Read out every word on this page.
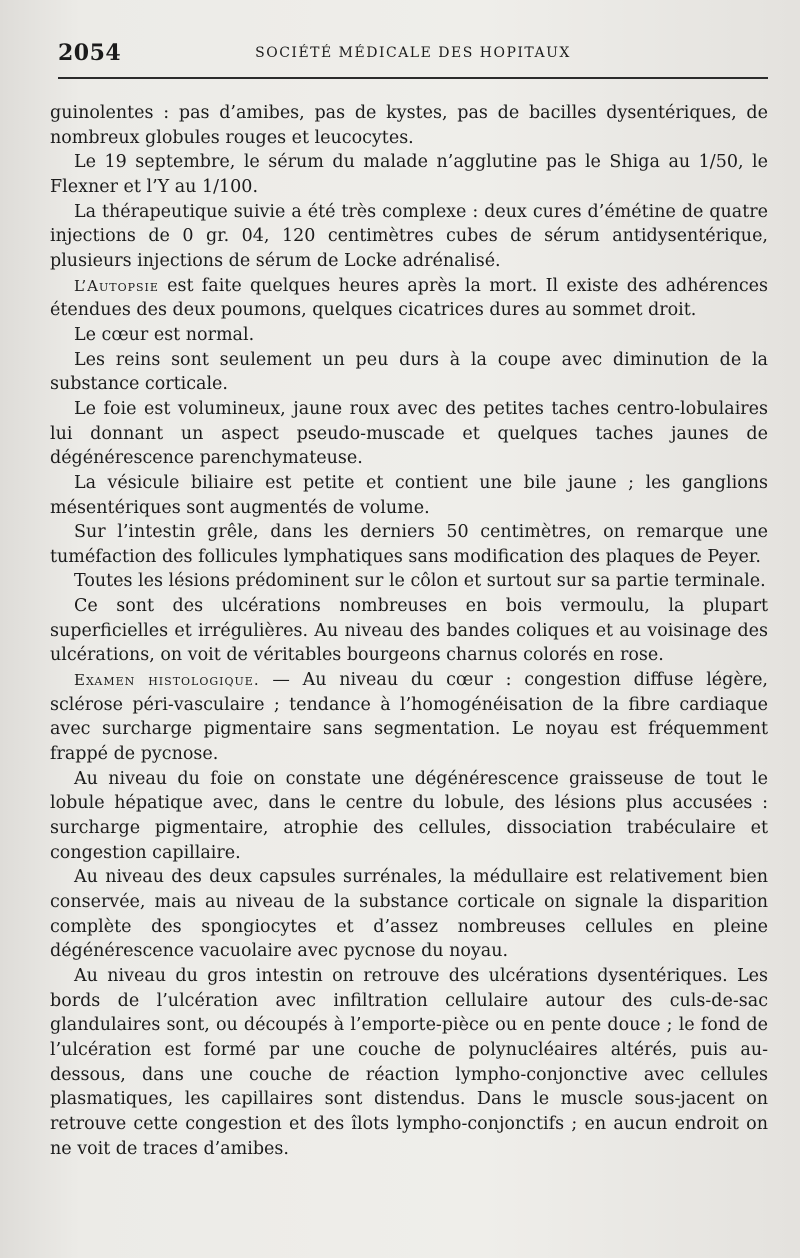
2054	SOCIÉTÉ MÉDICALE DES HOPITAUX

guinolentes : pas d’amibes, pas de kystes, pas de bacilles dysentériques, de nombreux globules rouges et leucocytes.

Le 19 septembre, le sérum du malade n’agglutine pas le Shiga au 1/50, le Flexner et l’Y au 1/100.

La thérapeutique suivie a été très complexe : deux cures d’émétine de quatre injections de 0 gr. 04, 120 centimètres cubes de sérum antidysentérique, plusieurs injections de sérum de Locke adrénalisé.

L’Autopsie est faite quelques heures après la mort. Il existe des adhérences étendues des deux poumons, quelques cicatrices dures au sommet droit.

Le cœur est normal.

Les reins sont seulement un peu durs à la coupe avec diminution de la substance corticale.

Le foie est volumineux, jaune roux avec des petites taches centro-lobulaires lui donnant un aspect pseudo-muscade et quelques taches jaunes de dégénérescence parenchymateuse.

La vésicule biliaire est petite et contient une bile jaune ; les ganglions mésentériques sont augmentés de volume.

Sur l’intestin grêle, dans les derniers 50 centimètres, on remarque une tuméfaction des follicules lymphatiques sans modification des plaques de Peyer.

Toutes les lésions prédominent sur le côlon et surtout sur sa partie terminale.

Ce sont des ulcérations nombreuses en bois vermoulu, la plupart superficielles et irrégulières. Au niveau des bandes coliques et au voisinage des ulcérations, on voit de véritables bourgeons charnus colorés en rose.

Examen histologique. — Au niveau du cœur : congestion diffuse légère, sclérose péri-vasculaire ; tendance à l’homogénéisation de la fibre cardiaque avec surcharge pigmentaire sans segmentation. Le noyau est fréquemment frappé de pycnose.

Au niveau du foie on constate une dégénérescence graisseuse de tout le lobule hépatique avec, dans le centre du lobule, des lésions plus accusées : surcharge pigmentaire, atrophie des cellules, dissociation trabéculaire et congestion capillaire.

Au niveau des deux capsules surrénales, la médullaire est relativement bien conservée, mais au niveau de la substance corticale on signale la disparition complète des spongiocytes et d’assez nombreuses cellules en pleine dégénérescence vacuolaire avec pycnose du noyau.

Au niveau du gros intestin on retrouve des ulcérations dysentériques. Les bords de l’ulcération avec infiltration cellulaire autour des culs-de-sac glandulaires sont, ou découpés à l’emporte-pièce ou en pente douce ; le fond de l’ulcération est formé par une couche de polynucléaires altérés, puis au-dessous, dans une couche de réaction lympho-conjonctive avec cellules plasmatiques, les capillaires sont distendus. Dans le muscle sous-jacent on retrouve cette congestion et des îlots lympho-conjonctifs ; en aucun endroit on ne voit de traces d’amibes.
